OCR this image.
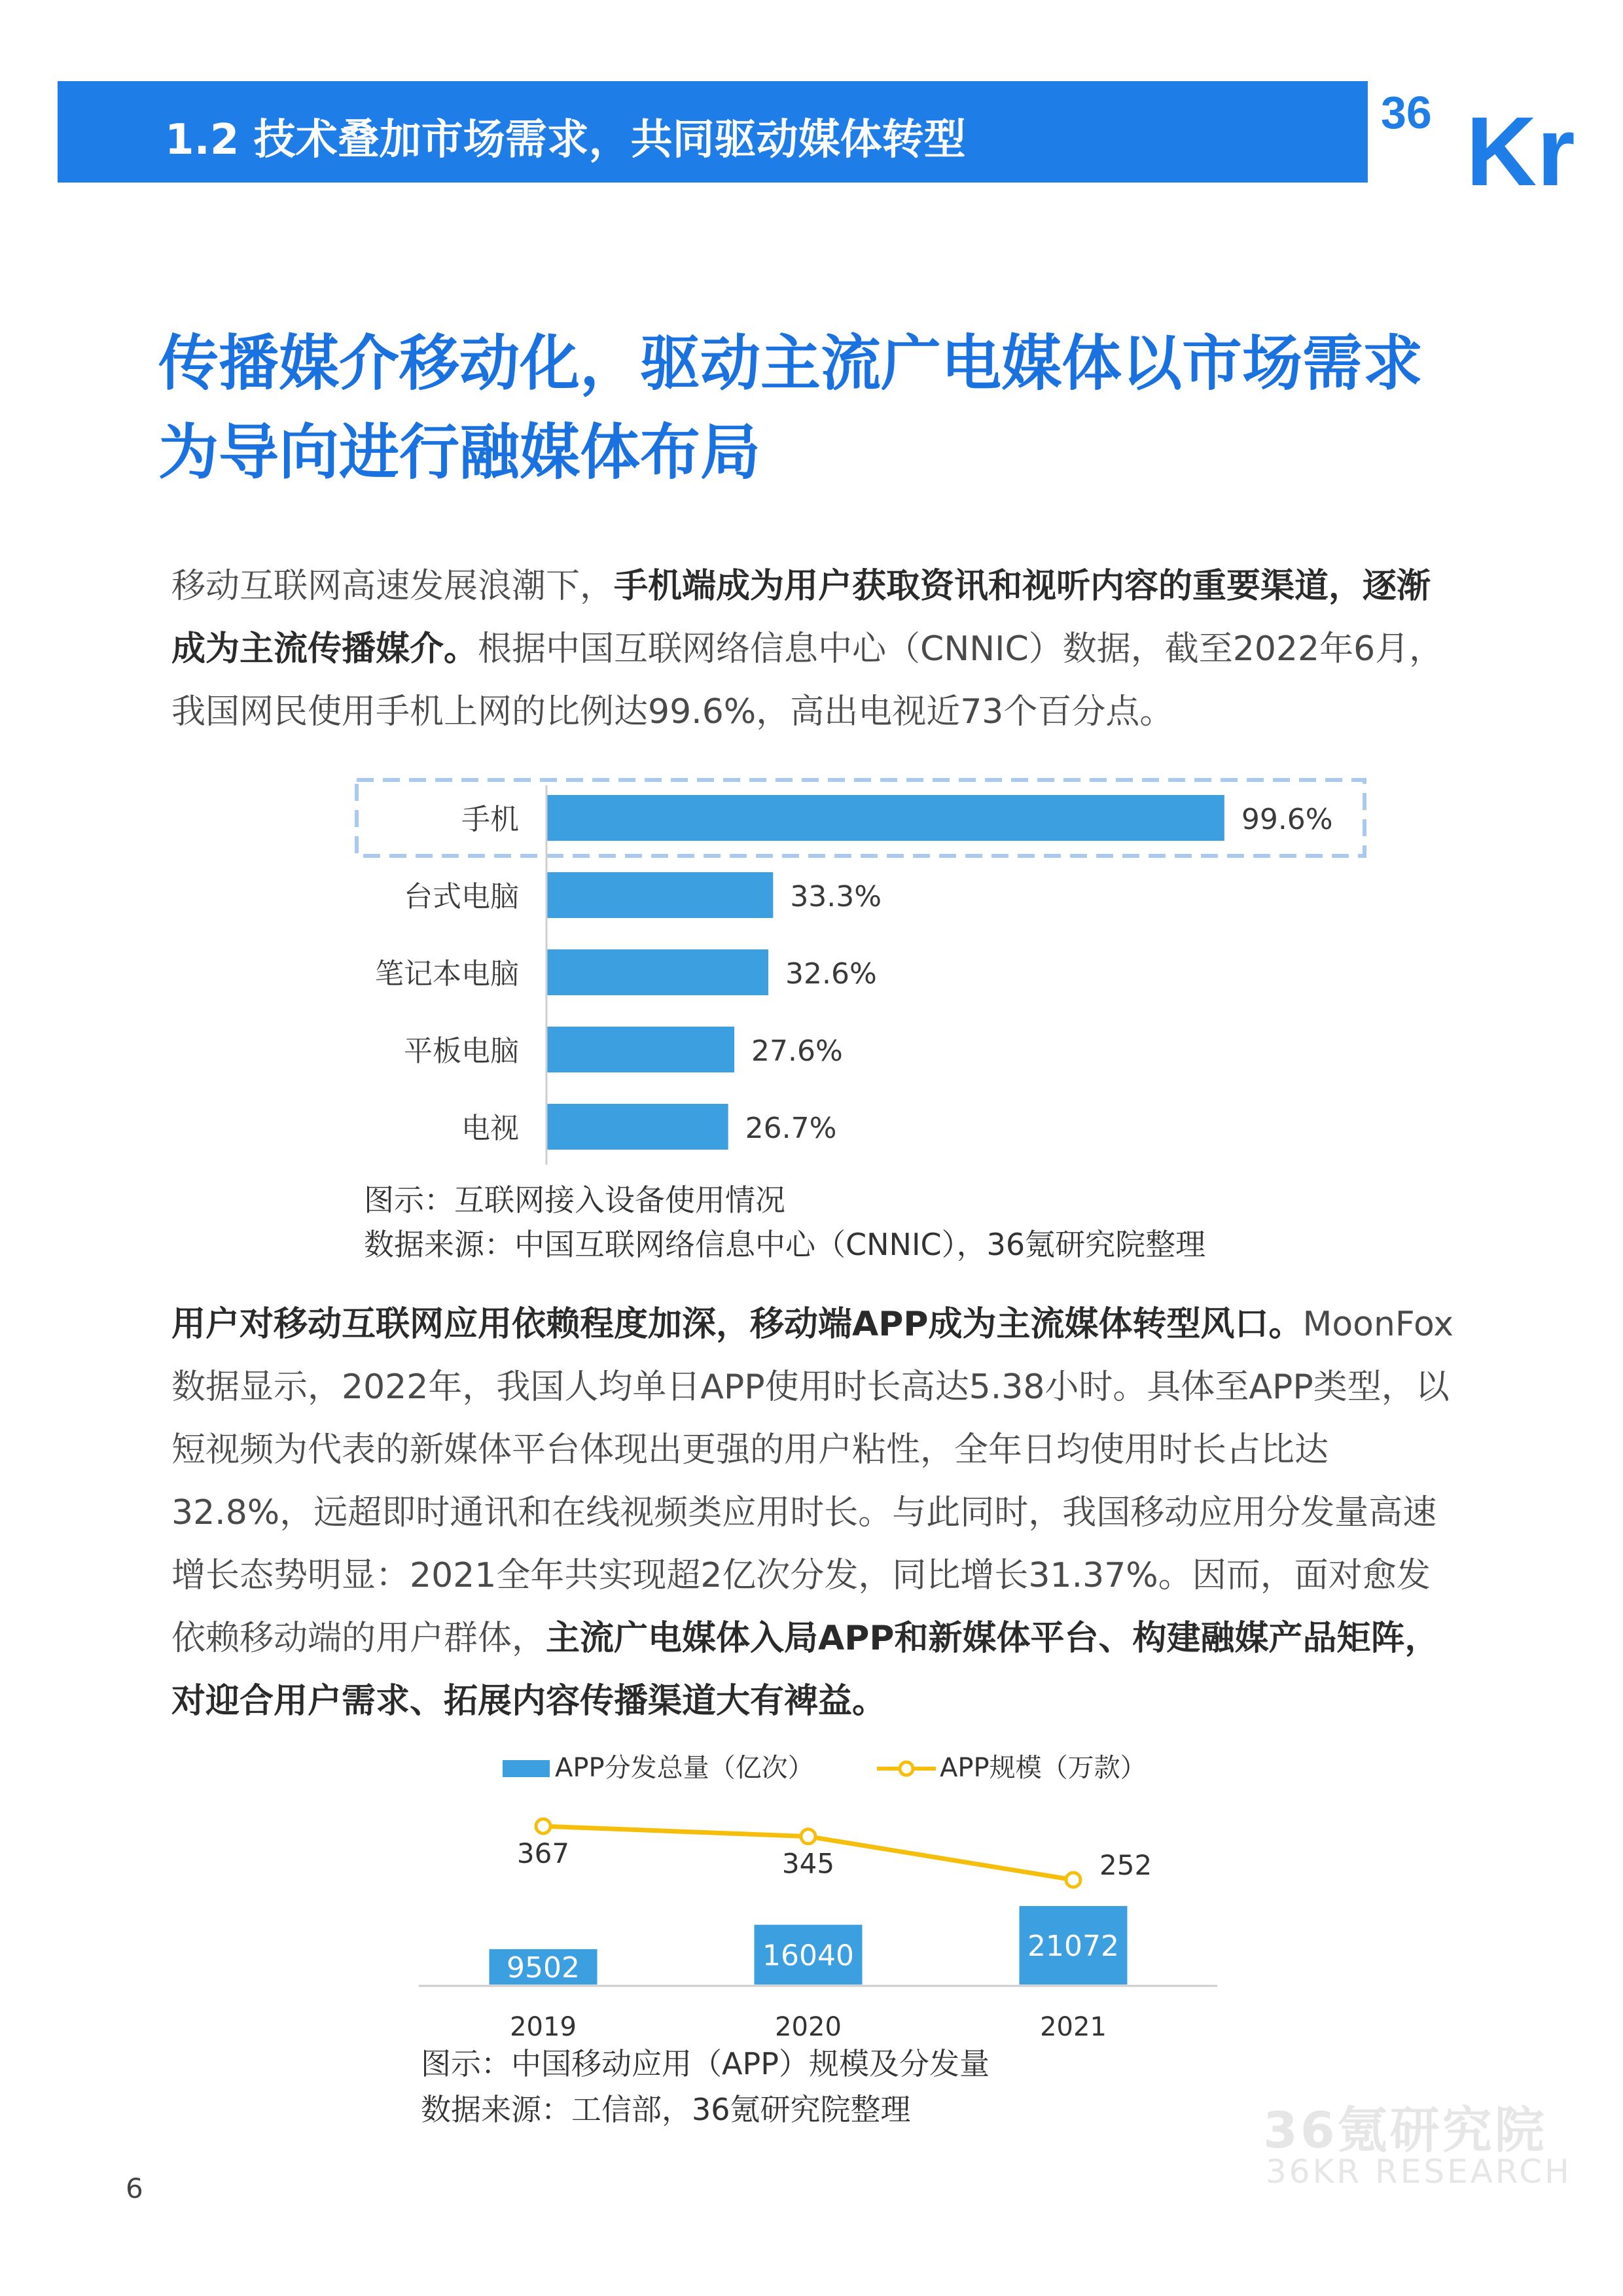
1.2 技术叠加市场需求，共同驱动媒体转型
36 Kr
传播媒介移动化，驱动主流广电媒体以市场需求
为导向进行融媒体布局
移动互联网高速发展浪潮下，手机端成为用户获取资讯和视听内容的重要渠道，逐渐成为主流传播媒介。根据中国互联网络信息中心（CNNIC）数据，截至2022年6月，我国网民使用手机上网的比例达99.6%，高出电视近73个百分点。
手机	99.6%
台式电脑	33.3%
笔记本电脑	32.6%
平板电脑	27.6%
电视	26.7%
图示：互联网接入设备使用情况
数据来源：中国互联网络信息中心（CNNIC），36氪研究院整理
用户对移动互联网应用依赖程度加深，移动端APP成为主流媒体转型风口。MoonFox数据显示，2022年，我国人均单日APP使用时长高达5.38小时。具体至APP类型，以短视频为代表的新媒体平台体现出更强的用户粘性，全年日均使用时长占比达32.8%，远超即时通讯和在线视频类应用时长。与此同时，我国移动应用分发量高速增长态势明显：2021全年共实现超2亿次分发，同比增长31.37%。因而，面对愈发依赖移动端的用户群体，主流广电媒体入局APP和新媒体平台、构建融媒产品矩阵，对迎合用户需求、拓展内容传播渠道大有裨益。
APP分发总量（亿次）	APP规模（万款）
9502
2019
16040
2020
21072
2021
367	345	252
图示：中国移动应用（APP）规模及分发量
数据来源：工信部，36氪研究院整理
6
36氪研究院
36KR RESEARCH
